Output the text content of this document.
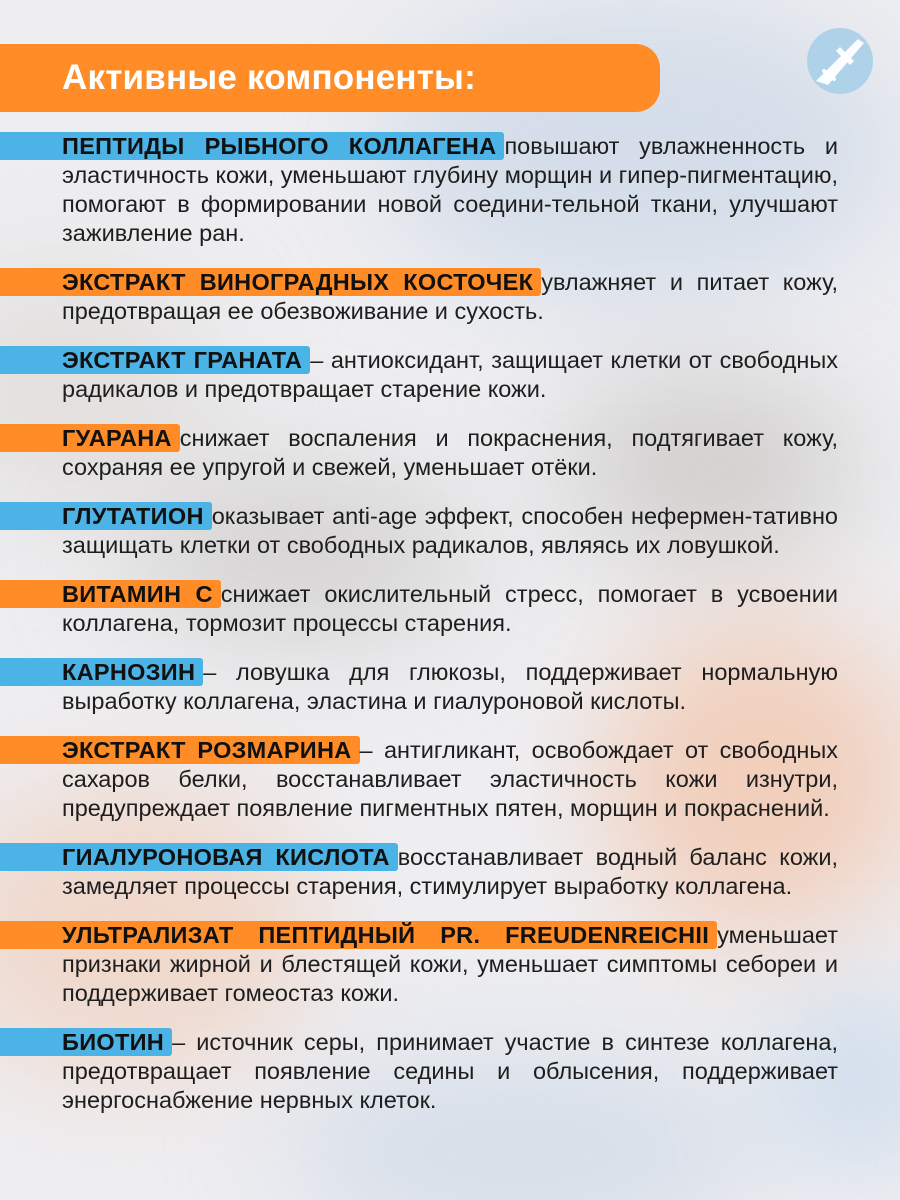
Активные компоненты:

ПЕПТИДЫ РЫБНОГО КОЛЛАГЕНА повышают увлажненность и эластичность кожи, уменьшают глубину морщин и гипер-пигментацию, помогают в формировании новой соедини-тельной ткани, улучшают заживление ран.

ЭКСТРАКТ ВИНОГРАДНЫХ КОСТОЧЕК увлажняет и питает кожу, предотвращая ее обезвоживание и сухость.

ЭКСТРАКТ ГРАНАТА – антиоксидант, защищает клетки от свободных радикалов и предотвращает старение кожи.

ГУАРАНА снижает воспаления и покраснения, подтягивает кожу, сохраняя ее упругой и свежей, уменьшает отёки.

ГЛУТАТИОН оказывает anti-age эффект, способен нефермен-тативно защищать клетки от свободных радикалов, являясь их ловушкой.

ВИТАМИН С снижает окислительный стресс, помогает в усвоении коллагена, тормозит процессы старения.

КАРНОЗИН – ловушка для глюкозы, поддерживает нормальную выработку коллагена, эластина и гиалуроновой кислоты.

ЭКСТРАКТ РОЗМАРИНА – антигликант, освобождает от свободных сахаров белки, восстанавливает эластичность кожи изнутри, предупреждает появление пигментных пятен, морщин и покраснений.

ГИАЛУРОНОВАЯ КИСЛОТА восстанавливает водный баланс кожи, замедляет процессы старения, стимулирует выработку коллагена.

УЛЬТРАЛИЗАТ ПЕПТИДНЫЙ PR. FREUDENREICHII уменьшает признаки жирной и блестящей кожи, уменьшает симптомы себореи и поддерживает гомеостаз кожи.

БИОТИН – источник серы, принимает участие в синтезе коллагена, предотвращает появление седины и облысения, поддерживает энергоснабжение нервных клеток.
